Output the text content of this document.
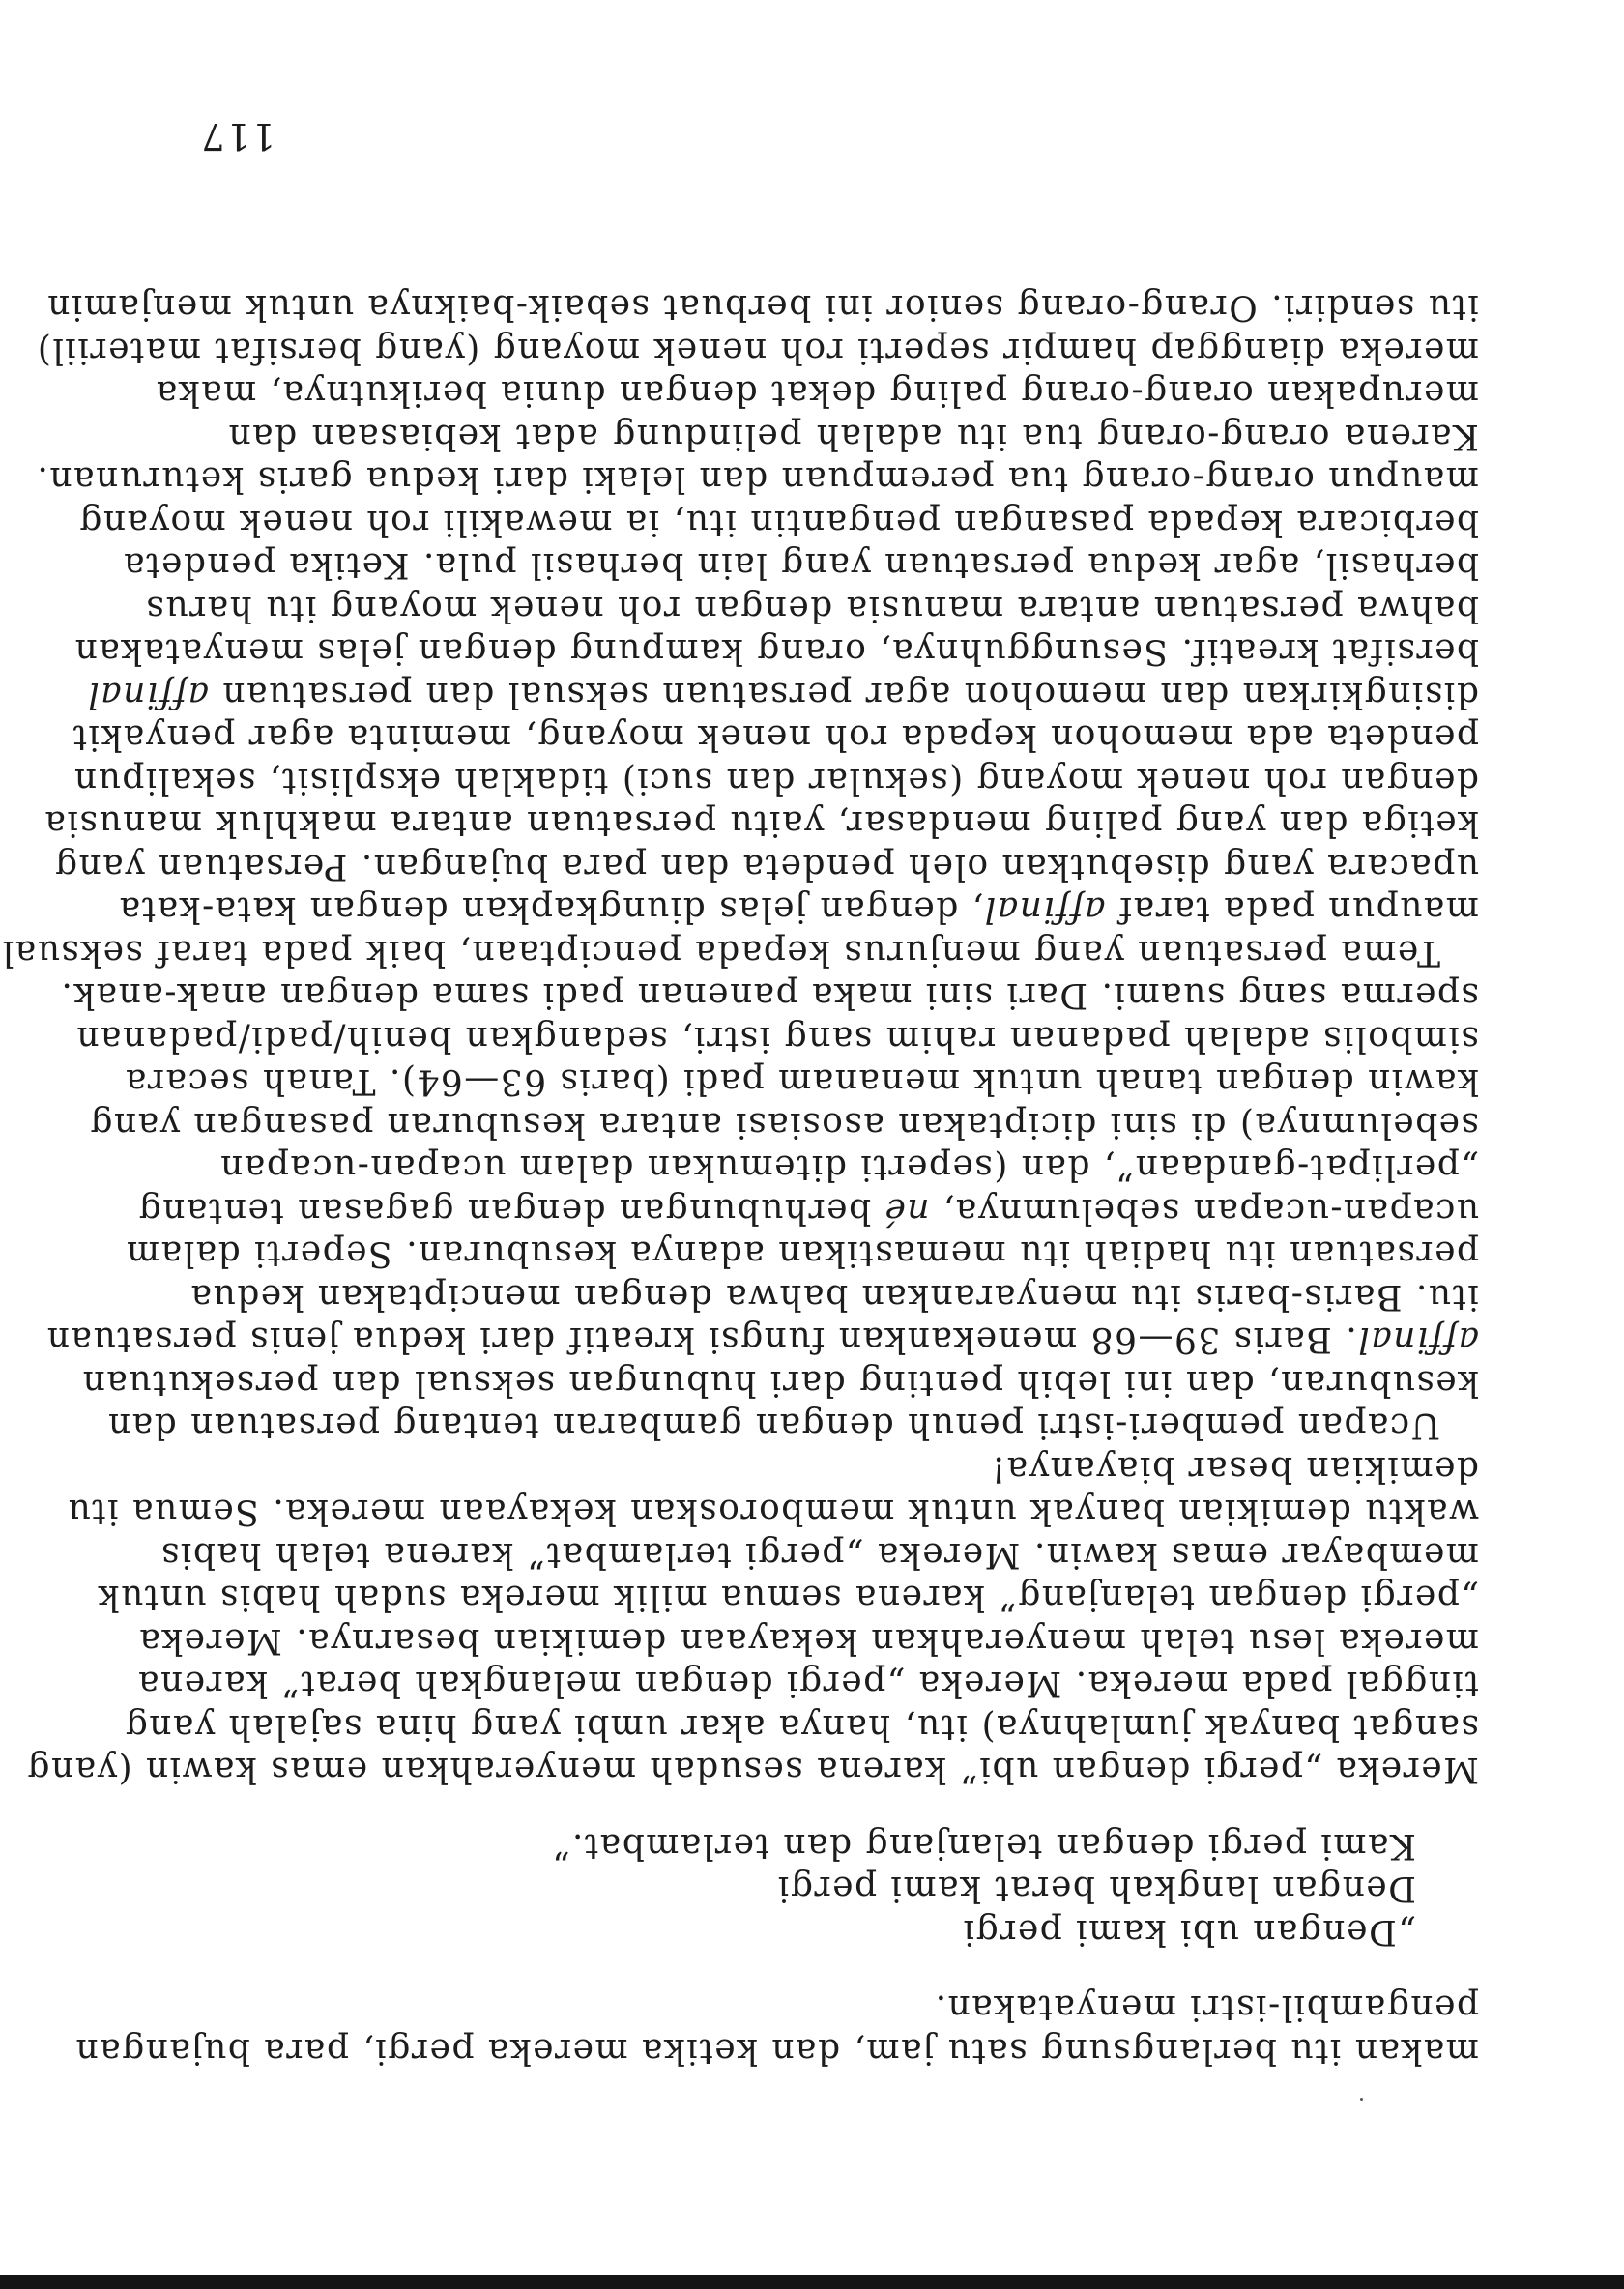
makan itu berlangsung satu jam, dan ketika mereka pergi, para bujangan
pengambil-istri menyatakan.
„Dengan ubi kami pergi
Dengan langkah berat kami pergi
Kami pergi dengan telanjang dan terlambat.”
Mereka „pergi dengan ubi” karena sesudah menyerahkan emas kawin (yang
sangat banyak jumlahnya) itu, hanya akar umbi yang hina sajalah yang
tinggal pada mereka. Mereka „pergi dengan melangkah berat” karena
mereka lesu telah menyerahkan kekayaan demikian besarnya. Mereka
„pergi dengan telanjang” karena semua milik mereka sudah habis untuk
membayar emas kawin. Mereka „pergi terlambat” karena telah habis
waktu demikian banyak untuk memboroskan kekayaan mereka. Semua itu
demikian besar biayanya!
Ucapan pemberi-istri penuh dengan gambaran tentang persatuan dan
kesuburan, dan ini lebih penting dari hubungan seksual dan persekutuan
affinal. Baris 39—68 menekankan fungsi kreatif dari kedua jenis persatuan
itu. Baris-baris itu menyarankan bahwa dengan menciptakan kedua
persatuan itu hadiah itu memastikan adanya kesuburan. Seperti dalam
ucapan-ucapan sebelumnya, né berhubungan dengan gagasan tentang
„perlipat-gandaan”, dan (seperti ditemukan dalam ucapan-ucapan
sebelumnya) di sini diciptakan asosiasi antara kesuburan pasangan yang
kawin dengan tanah untuk menanam padi (baris 63—64). Tanah secara
simbolis adalah padanan rahim sang istri, sedangkan benih/padi/padanan
sperma sang suami. Dari sini maka panenan padi sama dengan anak-anak.
Tema persatuan yang menjurus kepada penciptaan, baik pada taraf seksual
maupun pada taraf affinal, dengan jelas diungkapkan dengan kata-kata
upacara yang disebutkan oleh pendeta dan para bujangan. Persatuan yang
ketiga dan yang paling mendasar, yaitu persatuan antara makhluk manusia
dengan roh nenek moyang (sekular dan suci) tidaklah eksplisit, sekalipun
pendeta ada memohon kepada roh nenek moyang, meminta agar penyakit
disingkirkan dan memohon agar persatuan seksual dan persatuan affinal
bersifat kreatif. Sesungguhnya, orang kampung dengan jelas menyatakan
bahwa persatuan antara manusia dengan roh nenek moyang itu harus
berhasil, agar kedua persatuan yang lain berhasil pula. Ketika pendeta
berbicara kepada pasangan pengantin itu, ia mewakili roh nenek moyang
maupun orang-orang tua perempuan dan lelaki dari kedua garis keturunan.
Karena orang-orang tua itu adalah pelindung adat kebiasaan dan
merupakan orang-orang paling dekat dengan dunia berikutnya, maka
mereka dianggap hampir seperti roh nenek moyang (yang bersifat materiil)
itu sendiri. Orang-orang senior ini berbuat sebaik-baiknya untuk menjamin
117
